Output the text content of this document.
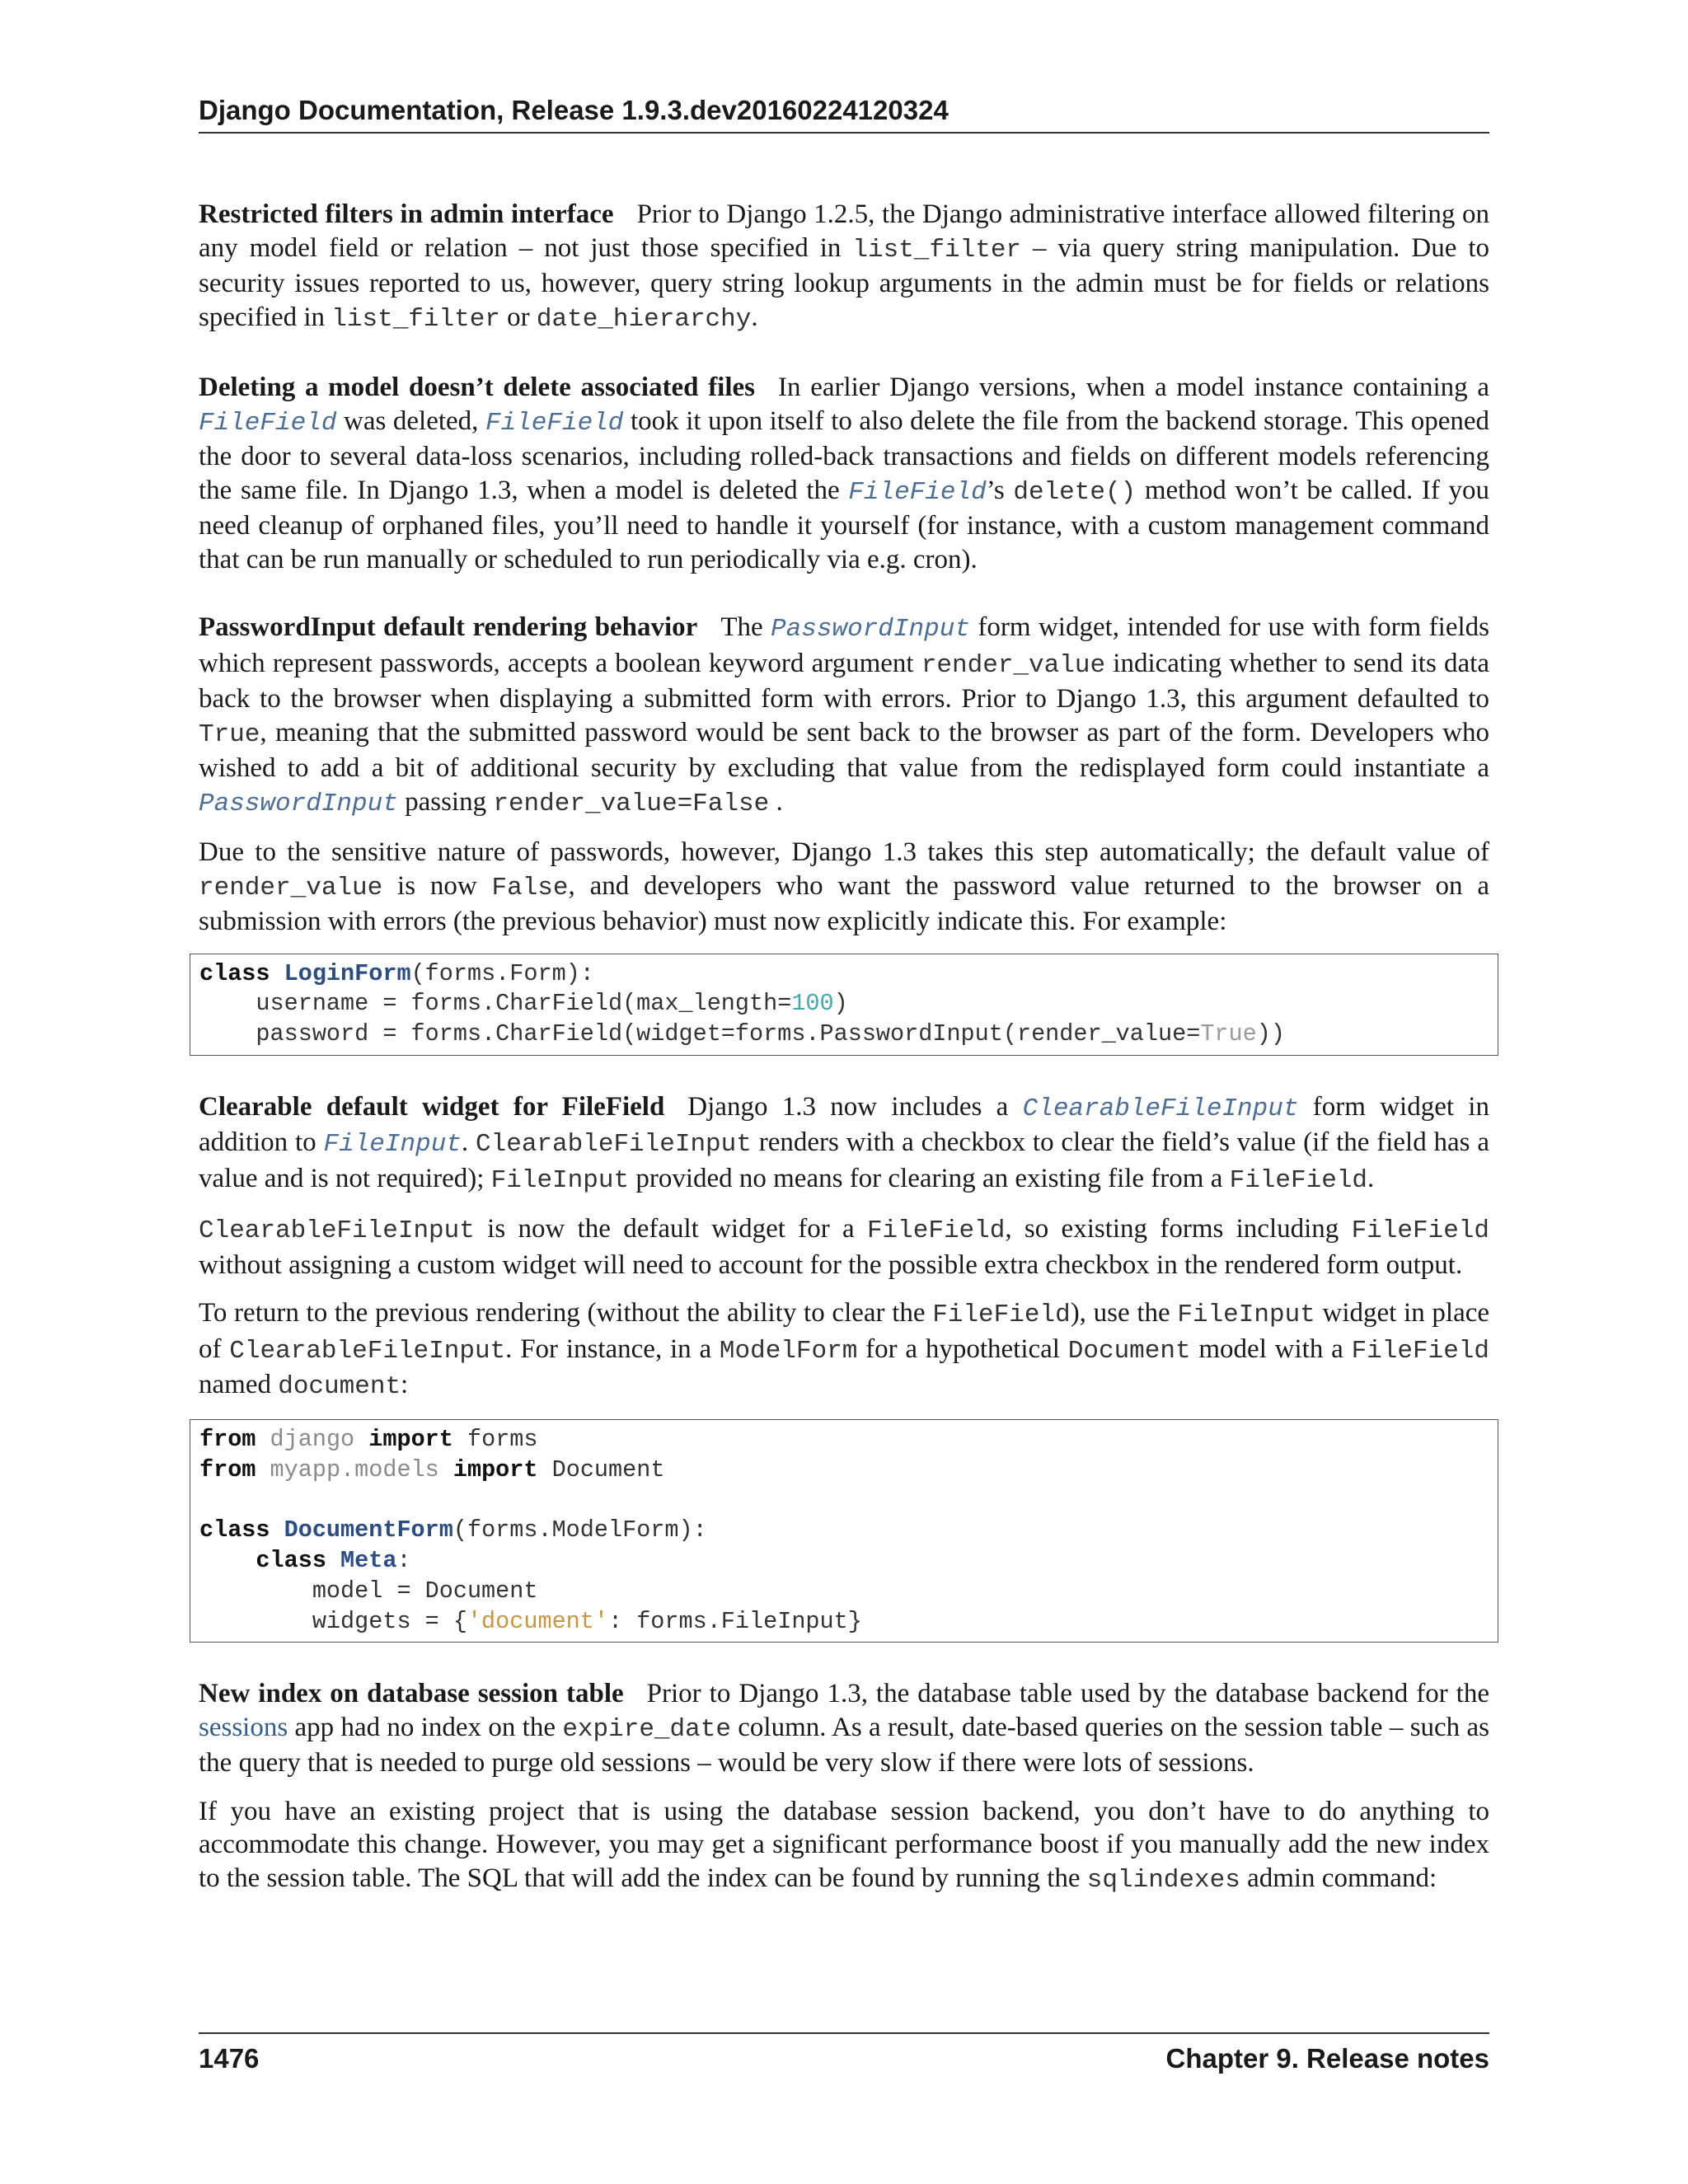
Django Documentation, Release 1.9.3.dev20160224120324

Restricted filters in admin interface Prior to Django 1.2.5, the Django administrative interface allowed filtering on any model field or relation – not just those specified in list_filter – via query string manipulation. Due to security issues reported to us, however, query string lookup arguments in the admin must be for fields or relations specified in list_filter or date_hierarchy.

Deleting a model doesn’t delete associated files In earlier Django versions, when a model instance containing a FileField was deleted, FileField took it upon itself to also delete the file from the backend storage. This opened the door to several data-loss scenarios, including rolled-back transactions and fields on different models referencing the same file. In Django 1.3, when a model is deleted the FileField’s delete() method won’t be called. If you need cleanup of orphaned files, you’ll need to handle it yourself (for instance, with a custom management command that can be run manually or scheduled to run periodically via e.g. cron).

PasswordInput default rendering behavior The PasswordInput form widget, intended for use with form fields which represent passwords, accepts a boolean keyword argument render_value indicating whether to send its data back to the browser when displaying a submitted form with errors. Prior to Django 1.3, this argument defaulted to True, meaning that the submitted password would be sent back to the browser as part of the form. Developers who wished to add a bit of additional security by excluding that value from the redisplayed form could instantiate a PasswordInput passing render_value=False .

Due to the sensitive nature of passwords, however, Django 1.3 takes this step automatically; the default value of render_value is now False, and developers who want the password value returned to the browser on a submission with errors (the previous behavior) must now explicitly indicate this. For example:

class LoginForm(forms.Form):
username = forms.CharField(max_length=100)
password = forms.CharField(widget=forms.PasswordInput(render_value=True))

Clearable default widget for FileField Django 1.3 now includes a ClearableFileInput form widget in addition to FileInput. ClearableFileInput renders with a checkbox to clear the field’s value (if the field has a value and is not required); FileInput provided no means for clearing an existing file from a FileField.

ClearableFileInput is now the default widget for a FileField, so existing forms including FileField without assigning a custom widget will need to account for the possible extra checkbox in the rendered form output.

To return to the previous rendering (without the ability to clear the FileField), use the FileInput widget in place of ClearableFileInput. For instance, in a ModelForm for a hypothetical Document model with a FileField named document:

from django import forms
from myapp.models import Document

class DocumentForm(forms.ModelForm):
class Meta:
model = Document
widgets = {'document': forms.FileInput}

New index on database session table Prior to Django 1.3, the database table used by the database backend for the sessions app had no index on the expire_date column. As a result, date-based queries on the session table – such as the query that is needed to purge old sessions – would be very slow if there were lots of sessions.

If you have an existing project that is using the database session backend, you don’t have to do anything to accommodate this change. However, you may get a significant performance boost if you manually add the new index to the session table. The SQL that will add the index can be found by running the sqlindexes admin command:

1476	Chapter 9. Release notes
